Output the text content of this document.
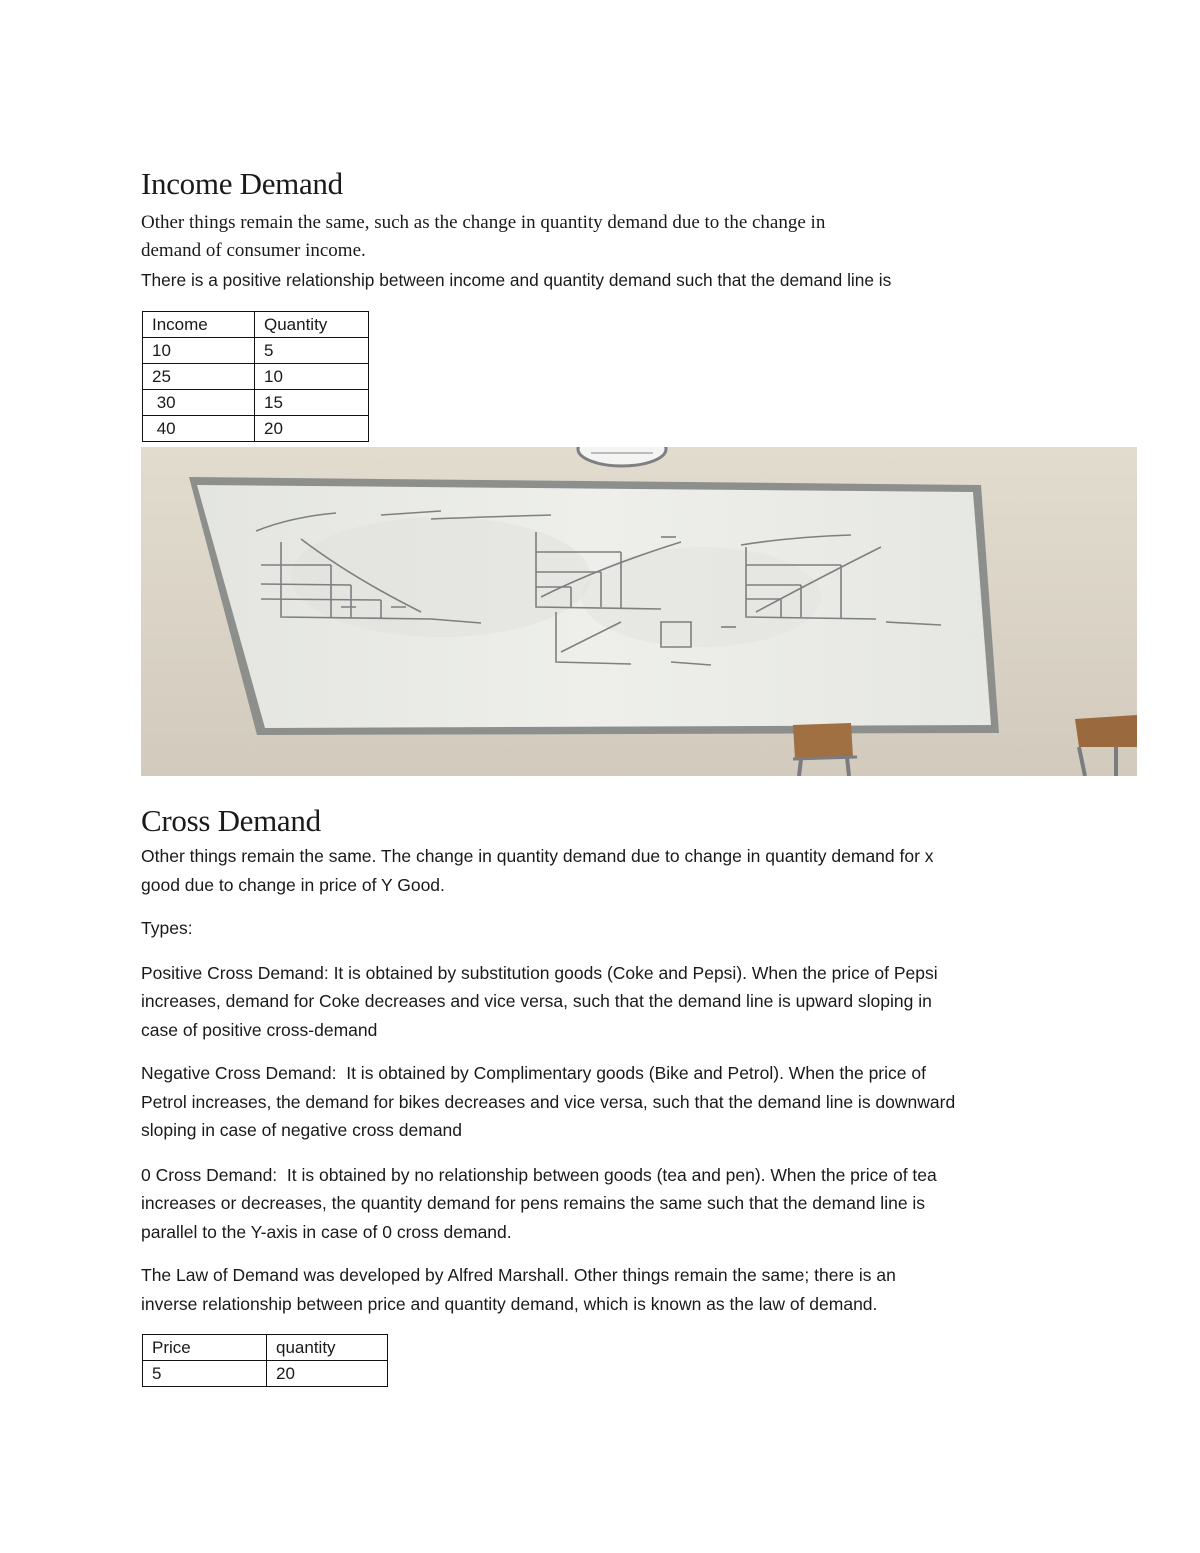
Income Demand

Other things remain the same, such as the change in quantity demand due to the change in

demand of consumer income.

There is a positive relationship between income and quantity demand such that the demand line is

Income	Quantity
10	5
25	10
30	15
40	20
Cross Demand

Other things remain the same. The change in quantity demand due to change in quantity demand for x

good due to change in price of Y Good.

Types:

Positive Cross Demand: It is obtained by substitution goods (Coke and Pepsi). When the price of Pepsi

increases, demand for Coke decreases and vice versa, such that the demand line is upward sloping in

case of positive cross-demand

Negative Cross Demand:  It is obtained by Complimentary goods (Bike and Petrol). When the price of

Petrol increases, the demand for bikes decreases and vice versa, such that the demand line is downward

sloping in case of negative cross demand

0 Cross Demand:  It is obtained by no relationship between goods (tea and pen). When the price of tea

increases or decreases, the quantity demand for pens remains the same such that the demand line is

parallel to the Y-axis in case of 0 cross demand.

The Law of Demand was developed by Alfred Marshall. Other things remain the same; there is an

inverse relationship between price and quantity demand, which is known as the law of demand.

Price	quantity
5	20
